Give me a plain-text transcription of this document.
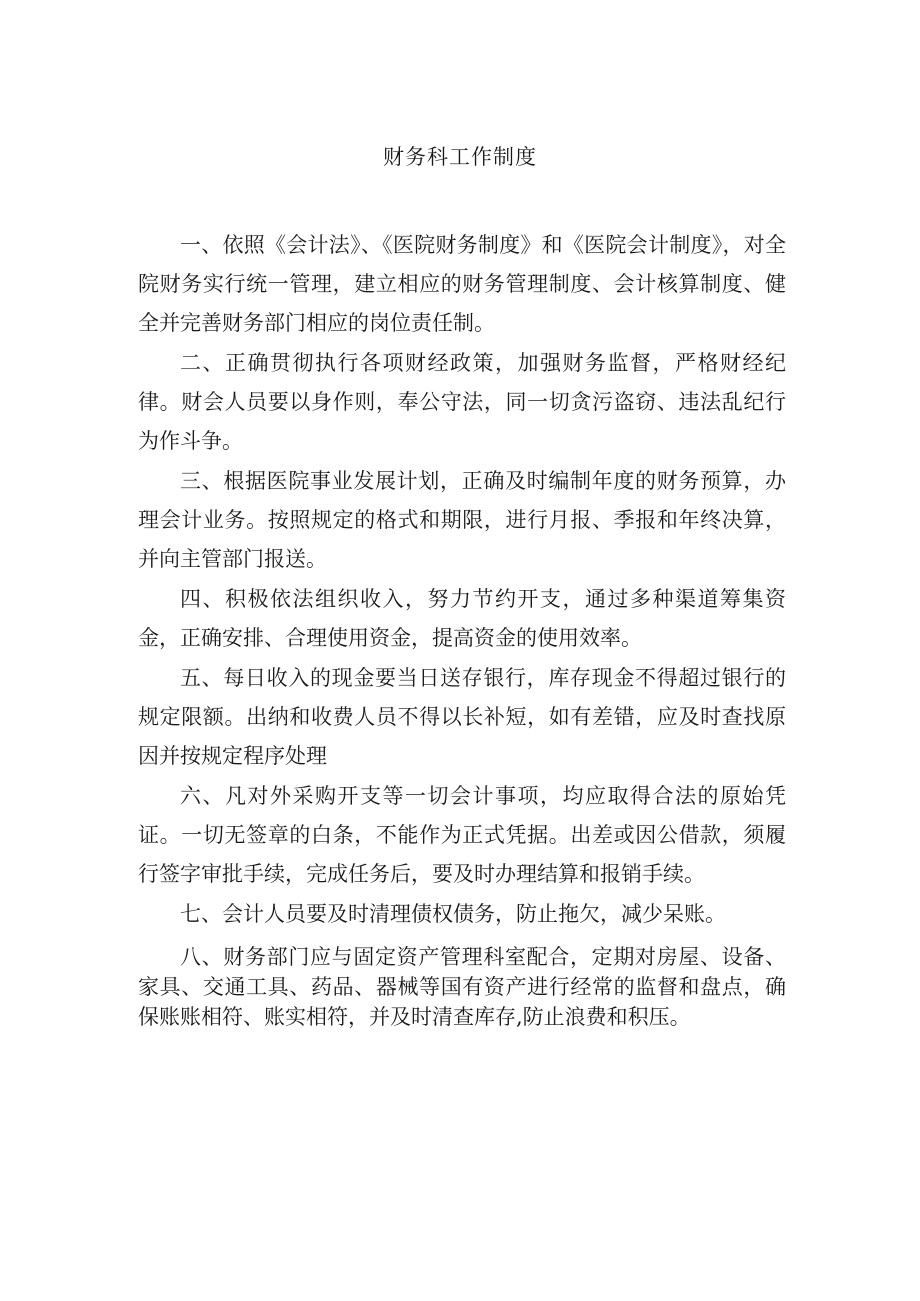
财务科工作制度

一、依照《会计法》、《医院财务制度》和《医院会计制度》，对全院财务实行统一管理，建立相应的财务管理制度、会计核算制度、健全并完善财务部门相应的岗位责任制。

二、正确贯彻执行各项财经政策，加强财务监督，严格财经纪律。财会人员要以身作则，奉公守法，同一切贪污盗窃、违法乱纪行为作斗争。

三、根据医院事业发展计划，正确及时编制年度的财务预算，办理会计业务。按照规定的格式和期限，进行月报、季报和年终决算，并向主管部门报送。

四、积极依法组织收入，努力节约开支，通过多种渠道筹集资金，正确安排、合理使用资金，提高资金的使用效率。

五、每日收入的现金要当日送存银行，库存现金不得超过银行的规定限额。出纳和收费人员不得以长补短，如有差错，应及时查找原因并按规定程序处理

六、凡对外采购开支等一切会计事项，均应取得合法的原始凭证。一切无签章的白条，不能作为正式凭据。出差或因公借款，须履行签字审批手续，完成任务后，要及时办理结算和报销手续。

七、会计人员要及时清理债权债务，防止拖欠，减少呆账。

八、财务部门应与固定资产管理科室配合，定期对房屋、设备、家具、交通工具、药品、器械等国有资产进行经常的监督和盘点，确保账账相符、账实相符，并及时清查库存,防止浪费和积压。
